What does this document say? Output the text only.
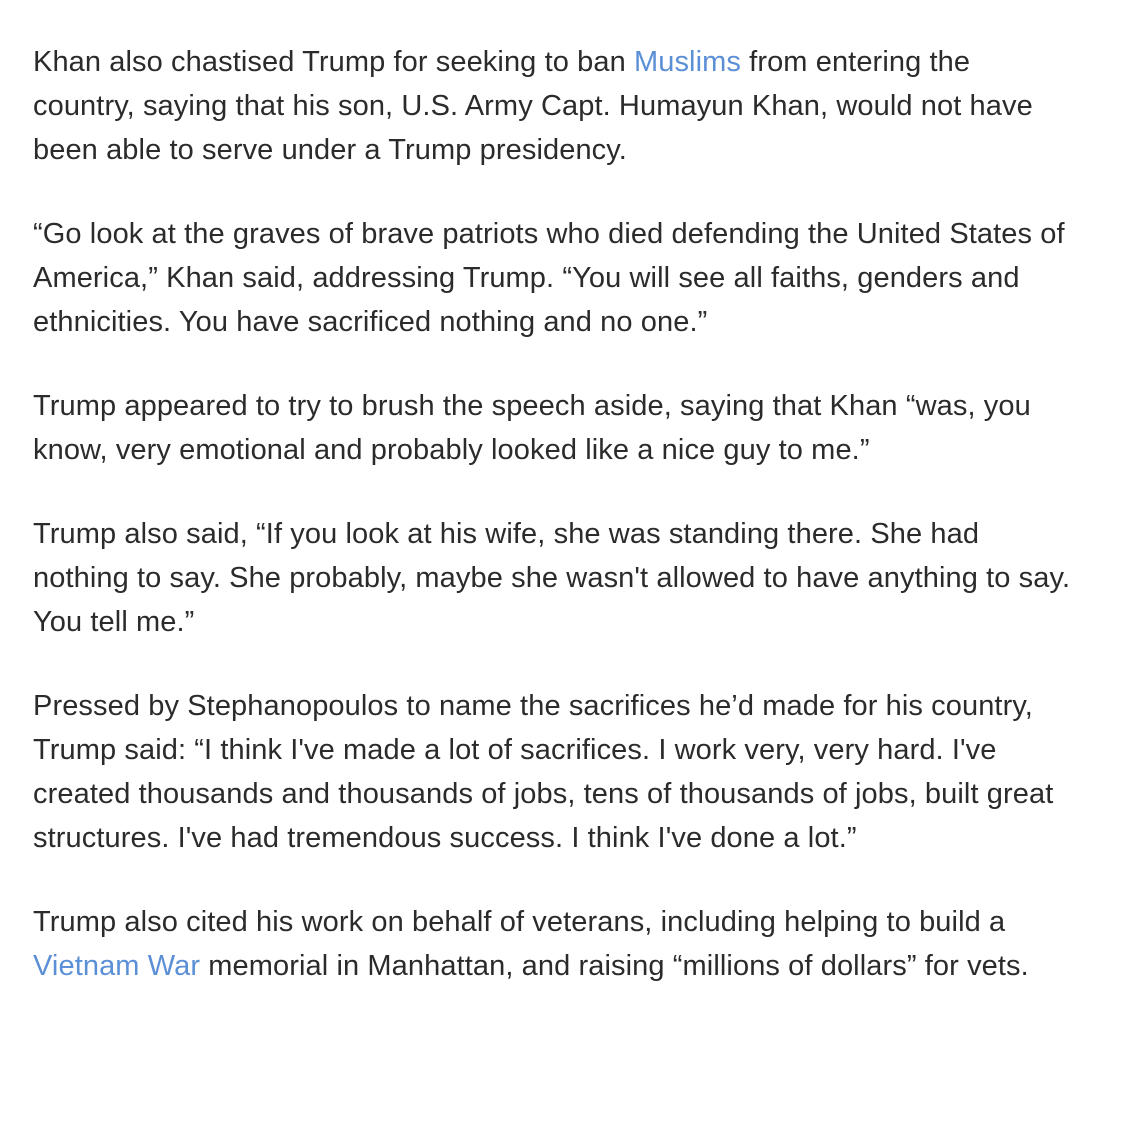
Khan also chastised Trump for seeking to ban Muslims from entering the country, saying that his son, U.S. Army Capt. Humayun Khan, would not have been able to serve under a Trump presidency.

“Go look at the graves of brave patriots who died defending the United States of America,” Khan said, addressing Trump. “You will see all faiths, genders and ethnicities. You have sacrificed nothing and no one.”

Trump appeared to try to brush the speech aside, saying that Khan “was, you know, very emotional and probably looked like a nice guy to me.”

Trump also said, “If you look at his wife, she was standing there. She had nothing to say. She probably, maybe she wasn't allowed to have anything to say. You tell me.”

Pressed by Stephanopoulos to name the sacrifices he’d made for his country, Trump said: “I think I've made a lot of sacrifices. I work very, very hard. I've created thousands and thousands of jobs, tens of thousands of jobs, built great structures. I've had tremendous success. I think I've done a lot.”

Trump also cited his work on behalf of veterans, including helping to build a Vietnam War memorial in Manhattan, and raising “millions of dollars” for vets.
